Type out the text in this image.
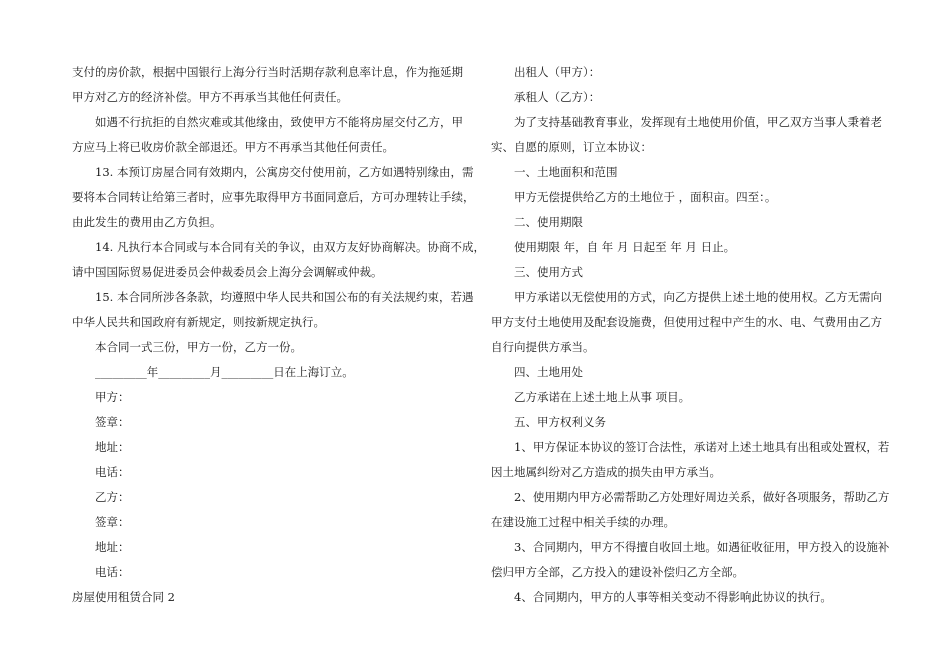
支付的房价款，根据中国银行上海分行当时活期存款利息率计息，作为拖延期

甲方对乙方的经济补偿。甲方不再承当其他任何责任。

如遇不行抗拒的自然灾难或其他缘由，致使甲方不能将房屋交付乙方，甲

方应马上将已收房价款全部退还。甲方不再承当其他任何责任。

13. 本预订房屋合同有效期内，公寓房交付使用前，乙方如遇特别缘由，需

要将本合同转让给第三者时，应事先取得甲方书面同意后，方可办理转让手续，

由此发生的费用由乙方负担。

14. 凡执行本合同或与本合同有关的争议，由双方友好协商解决。协商不成，

请中国国际贸易促进委员会仲裁委员会上海分会调解或仲裁。

15. 本合同所涉各条款，均遵照中华人民共和国公布的有关法规约束，若遇

中华人民共和国政府有新规定，则按新规定执行。

本合同一式三份，甲方一份，乙方一份。

_________年_________月_________日在上海订立。

甲方：

签章：

地址：

电话：

乙方：

签章：

地址：

电话：

房屋使用租赁合同 2

出租人（甲方）：

承租人（乙方）：

为了支持基础教育事业，发挥现有土地使用价值，甲乙双方当事人秉着老

实、自愿的原则，订立本协议：

一、土地面积和范围

甲方无偿提供给乙方的土地位于 ，面积亩。四至：。

二、使用期限

使用期限 年，自 年 月 日起至 年 月 日止。

三、使用方式

甲方承诺以无偿使用的方式，向乙方提供上述土地的使用权。乙方无需向

甲方支付土地使用及配套设施费，但使用过程中产生的水、电、气费用由乙方

自行向提供方承当。

四、土地用处

乙方承诺在上述土地上从事 项目。

五、甲方权利义务

1、甲方保证本协议的签订合法性，承诺对上述土地具有出租或处置权，若

因土地属纠纷对乙方造成的损失由甲方承当。

2、使用期内甲方必需帮助乙方处理好周边关系，做好各项服务，帮助乙方

在建设施工过程中相关手续的办理。

3、合同期内，甲方不得擅自收回土地。如遇征收征用，甲方投入的设施补

偿归甲方全部，乙方投入的建设补偿归乙方全部。

4、合同期内，甲方的人事等相关变动不得影响此协议的执行。
